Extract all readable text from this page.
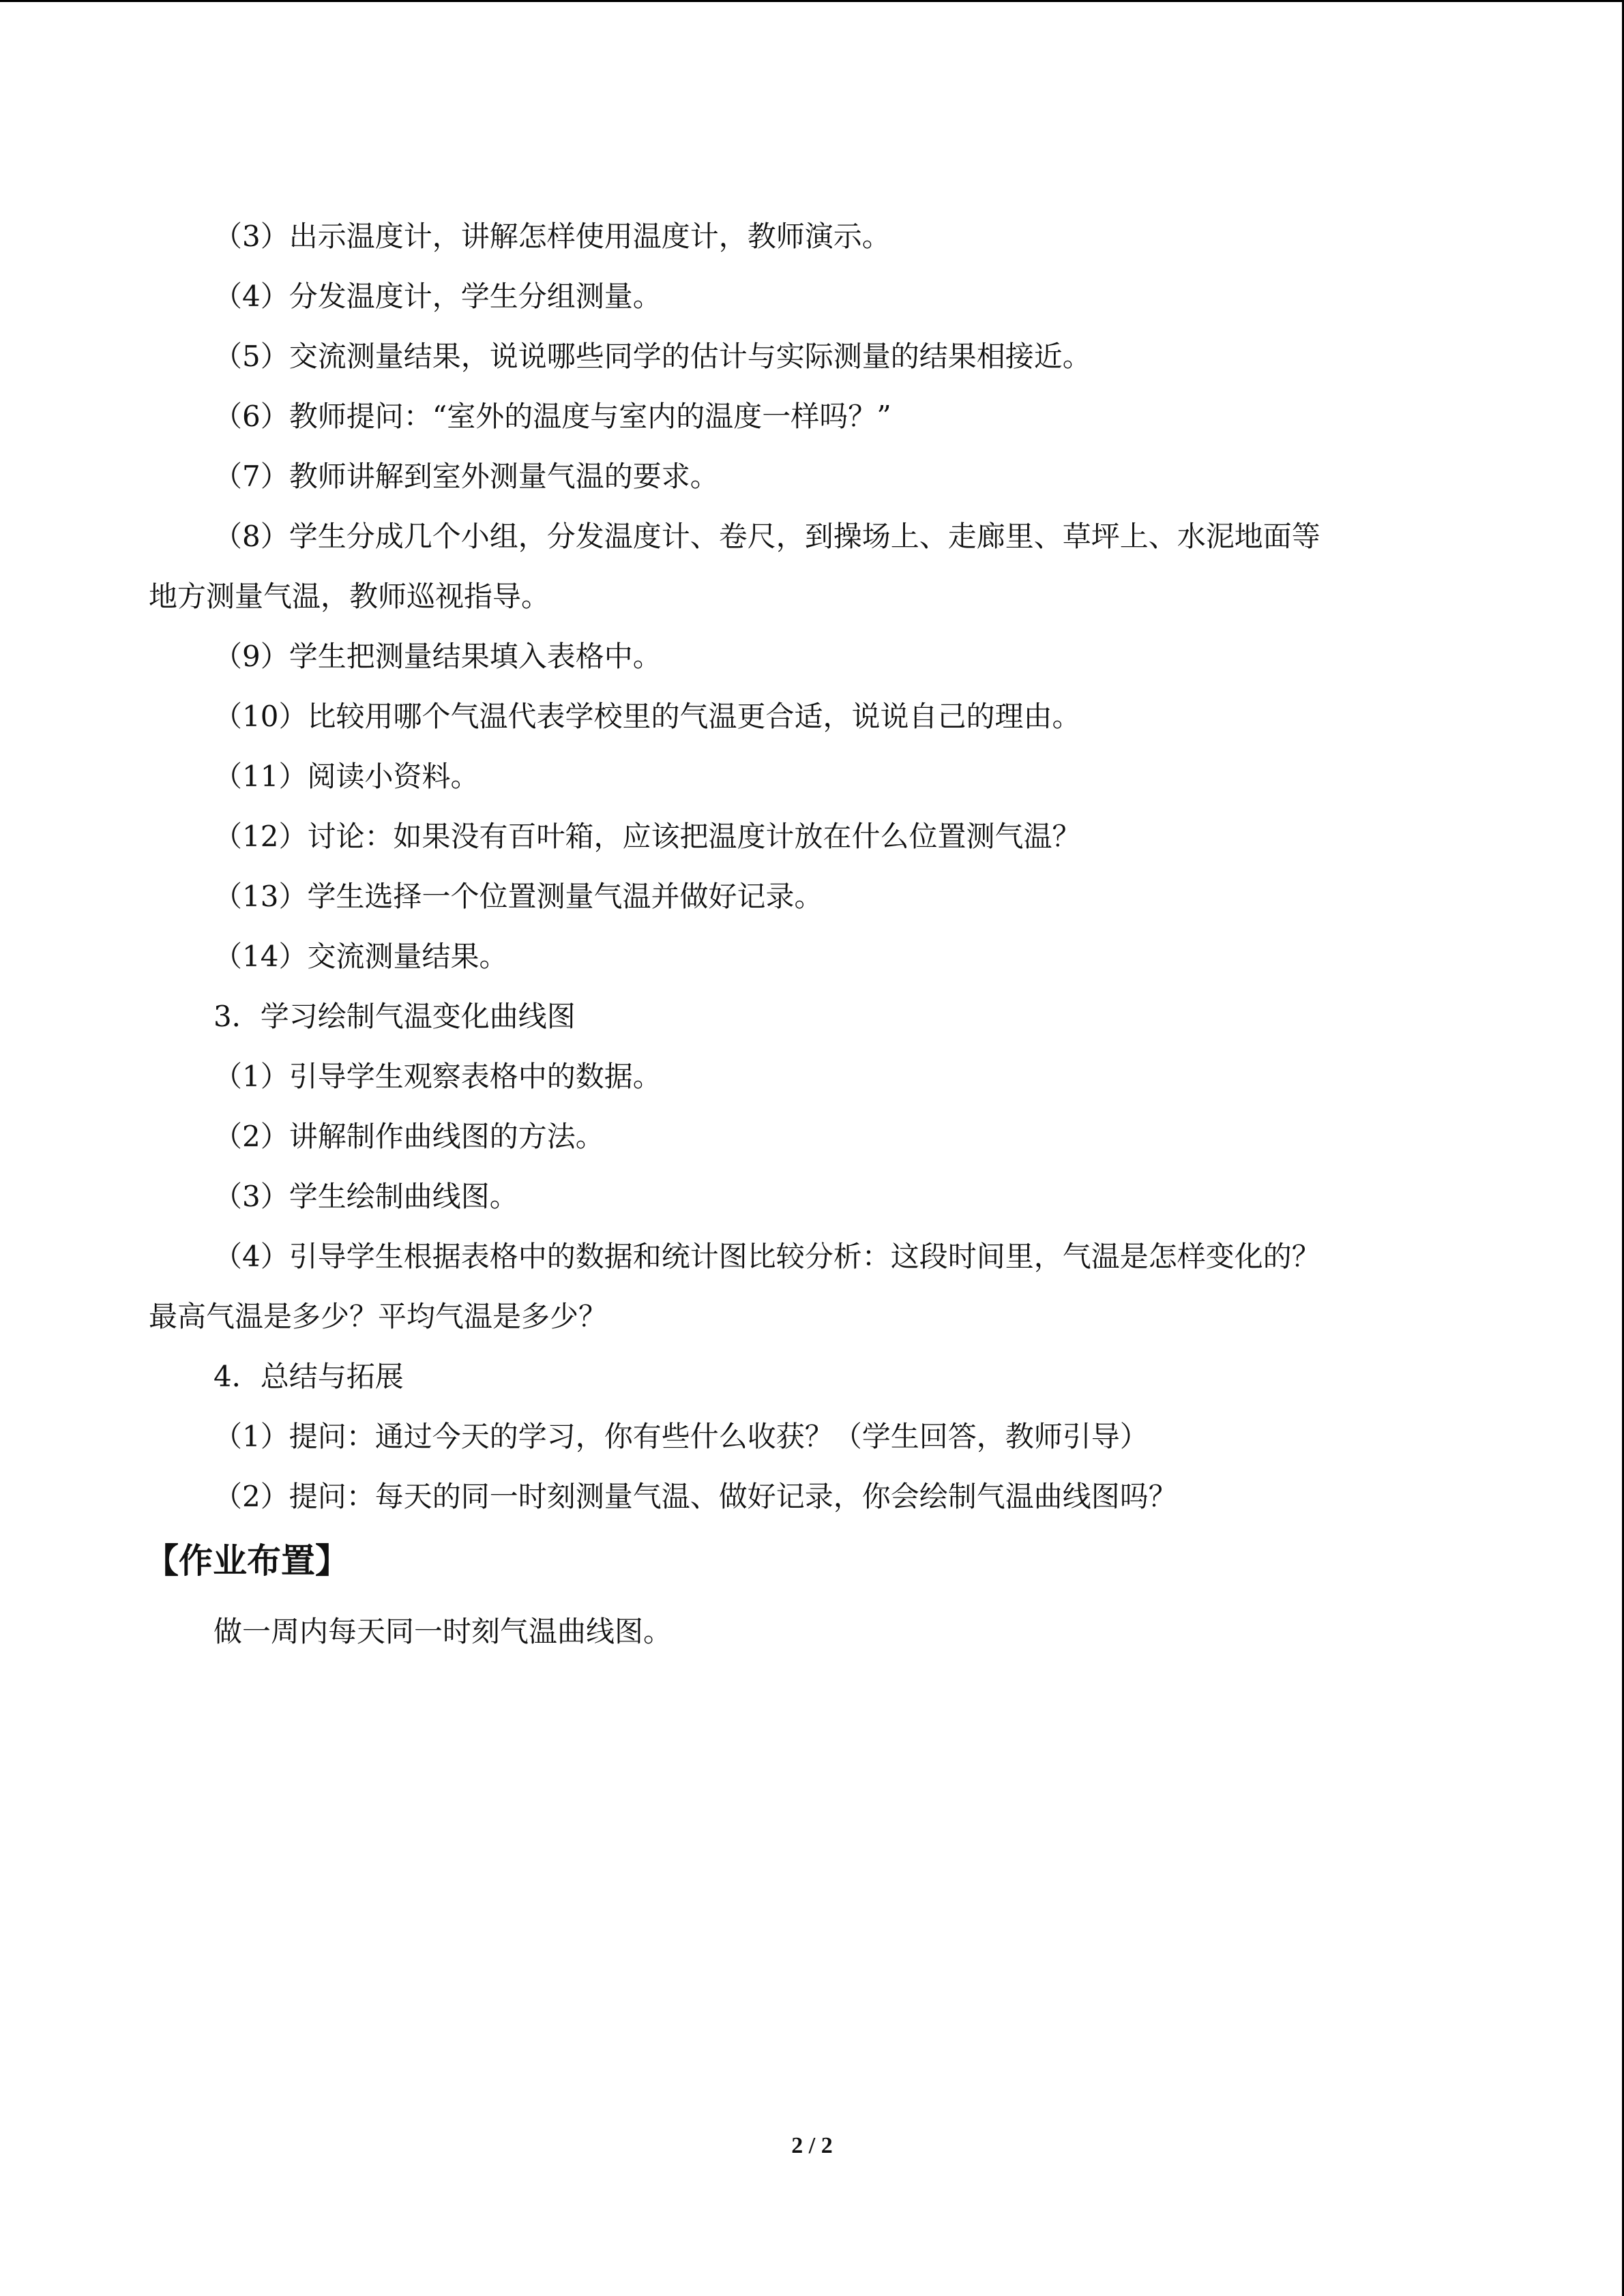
（3）出示温度计，讲解怎样使用温度计，教师演示。

（4）分发温度计，学生分组测量。

（5）交流测量结果，说说哪些同学的估计与实际测量的结果相接近。

（6）教师提问：“室外的温度与室内的温度一样吗？”

（7）教师讲解到室外测量气温的要求。

（8）学生分成几个小组，分发温度计、卷尺，到操场上、走廊里、草坪上、水泥地面等

地方测量气温，教师巡视指导。

（9）学生把测量结果填入表格中。

（10）比较用哪个气温代表学校里的气温更合适，说说自己的理由。

（11）阅读小资料。

（12）讨论：如果没有百叶箱，应该把温度计放在什么位置测气温？

（13）学生选择一个位置测量气温并做好记录。

（14）交流测量结果。

3．学习绘制气温变化曲线图

（1）引导学生观察表格中的数据。

（2）讲解制作曲线图的方法。

（3）学生绘制曲线图。

（4）引导学生根据表格中的数据和统计图比较分析：这段时间里，气温是怎样变化的？

最高气温是多少？平均气温是多少？

4．总结与拓展

（1）提问：通过今天的学习，你有些什么收获？（学生回答，教师引导）

（2）提问：每天的同一时刻测量气温、做好记录，你会绘制气温曲线图吗？

【作业布置】

做一周内每天同一时刻气温曲线图。

2 / 2
